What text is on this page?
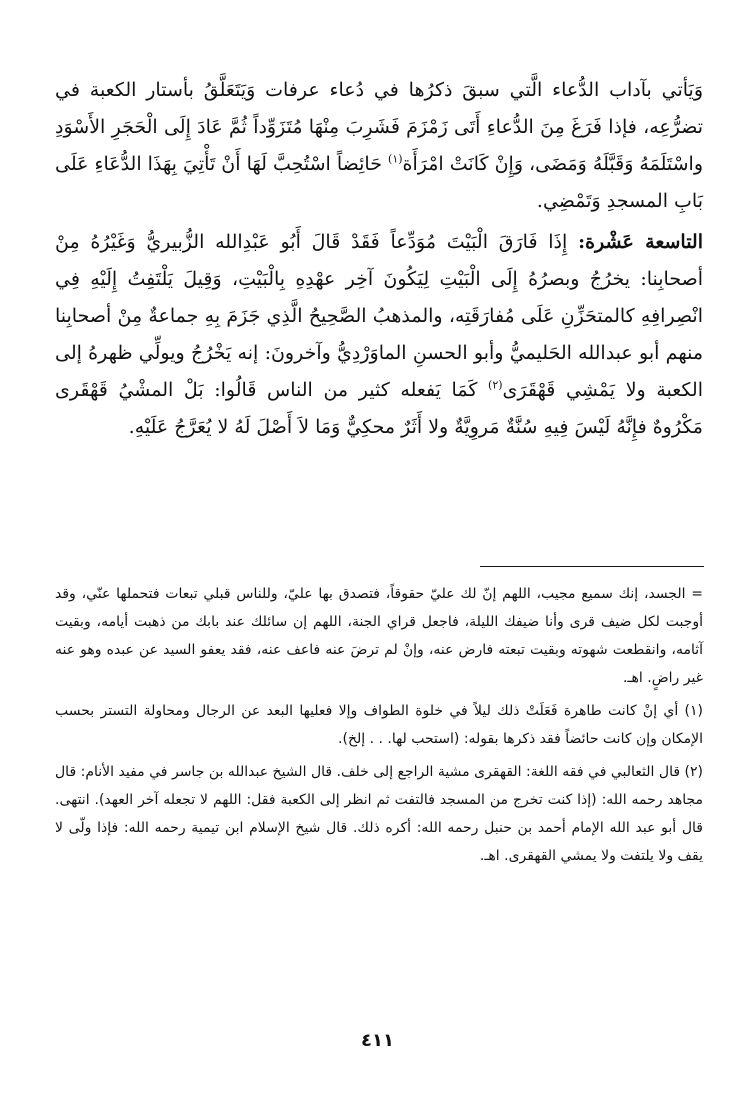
وَيَأتي بآداب الدُّعاء الَّتي سبقَ ذكرُها في دُعاء عرفات وَيَتَعَلَّقُ بأستار الكعبة في تضرُّعِه، فإذا فَرَغَ مِنَ الدُّعاءِ أَتَى زَمْزَمَ فَشَرِبَ مِنْهَا مُتَزَوِّداً ثُمَّ عَادَ إِلَى الْحَجَرِ الأَسْوَدِ واسْتَلَمَهُ وَقَبَّلَهُ وَمَضَى، وَإِنْ كَانَتْ امْرَأَة$^{(١)}$ حَائِضاً اسْتُحِبَّ لَهَا أَنْ تَأْتِيَ بِهَذَا الدُّعَاءِ عَلَى بَابِ المسجدِ وَتَمْضِي.

التاسعة عَشْرة: إِذَا فَارَقَ الْبَيْتَ مُوَدِّعاً فَقَدْ قَالَ أَبُو عَبْدِالله الزُّبيريُّ وَغَيْرُهُ مِنْ أصحابِنا: يخرُجُ وبصرُهُ إِلَى الْبَيْتِ لِيَكُونَ آخِر عهْدِهِ بِالْبَيْتِ، وَقِيلَ يَلْتَفِتُ إِلَيْهِ فِي انْصِرافِهِ كالمتحَزِّنِ عَلَى مُفارَقَتِه، والمذهبُ الصَّحِيحُ الَّذِي جَزَمَ بِهِ جماعةٌ مِنْ أصحابِنا منهم أبو عبدالله الحَليميُّ وأبو الحسنِ الماوَرْدِيُّ وآخرونَ: إنه يَخْرُجُ ويولِّي ظهرهُ إلى الكعبة ولا يَمْشِي قَهْقَرَى$^{(٢)}$ كَمَا يَفعله كثير من الناس قَالُوا: بَلْ المشْيُ قَهْقَرى مَكْرُوهٌ فإِنَّهُ لَيْسَ فِيهِ سُنَّةٌ مَروِيَّةٌ ولا أَثَرٌ محكِيٌّ وَمَا لاَ أَصْلَ لَهُ لا يُعَرَّجُ عَلَيْهِ.

= الجسد، إنك سميع مجيب، اللهم إنّ لك عليّ حقوقاً، فتصدق بها عليّ، وللناس قبلي تبعات فتحملها عنّي، وقد أوجبت لكل ضيف قرى وأنا ضيفك الليلة، فاجعل قراي الجنة، اللهم إن سائلك عند بابك من ذهبت أيامه، وبقيت آثامه، وانقطعت شهوته وبقيت تبعته فارض عنه، وإنْ لم ترضَ عنه فاعف عنه، فقد يعفو السيد عن عبده وهو عنه غير راضٍ. اهـ.

(١) أي إنْ كانت طاهرة فَعَلَتْ ذلك ليلاً في خلوة الطواف وإلا فعليها البعد عن الرجال ومحاولة التستر بحسب الإمكان وإن كانت حائضاً فقد ذكرها بقوله: (استحب لها. . . إلخ).

(٢) قال الثعالبي في فقه اللغة: القهقرى مشية الراجع إلى خلف. قال الشيخ عبدالله بن جاسر في مفيد الأنام: قال مجاهد رحمه الله: (إذا كنت تخرج من المسجد فالتفت ثم انظر إلى الكعبة فقل: اللهم لا تجعله آخر العهد). انتهى. قال أبو عبد الله الإمام أحمد بن حنبل رحمه الله: أكره ذلك. قال شيخ الإسلام ابن تيمية رحمه الله: فإذا ولّى لا يقف ولا يلتفت ولا يمشي القهقرى. اهـ.

٤١١
